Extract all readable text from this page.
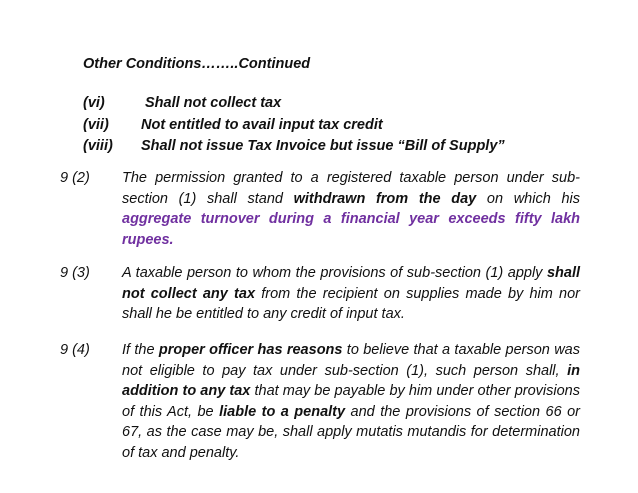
Other Conditions……..Continued
(vi)	Shall not collect tax
(vii) Not entitled to avail input tax credit
(viii) Shall not issue Tax Invoice but issue “Bill of Supply”
9 (2) The permission granted to a registered taxable person under sub-section (1) shall stand withdrawn from the day on which his aggregate turnover during a financial year exceeds fifty lakh rupees.
9 (3) A taxable person to whom the provisions of sub-section (1) apply shall not collect any tax from the recipient on supplies made by him nor shall he be entitled to any credit of input tax.
9 (4) If the proper officer has reasons to believe that a taxable person was not eligible to pay tax under sub-section (1), such person shall, in addition to any tax that may be payable by him under other provisions of this Act, be liable to a penalty and the provisions of section 66 or 67, as the case may be, shall apply mutatis mutandis for determination of tax and penalty.
